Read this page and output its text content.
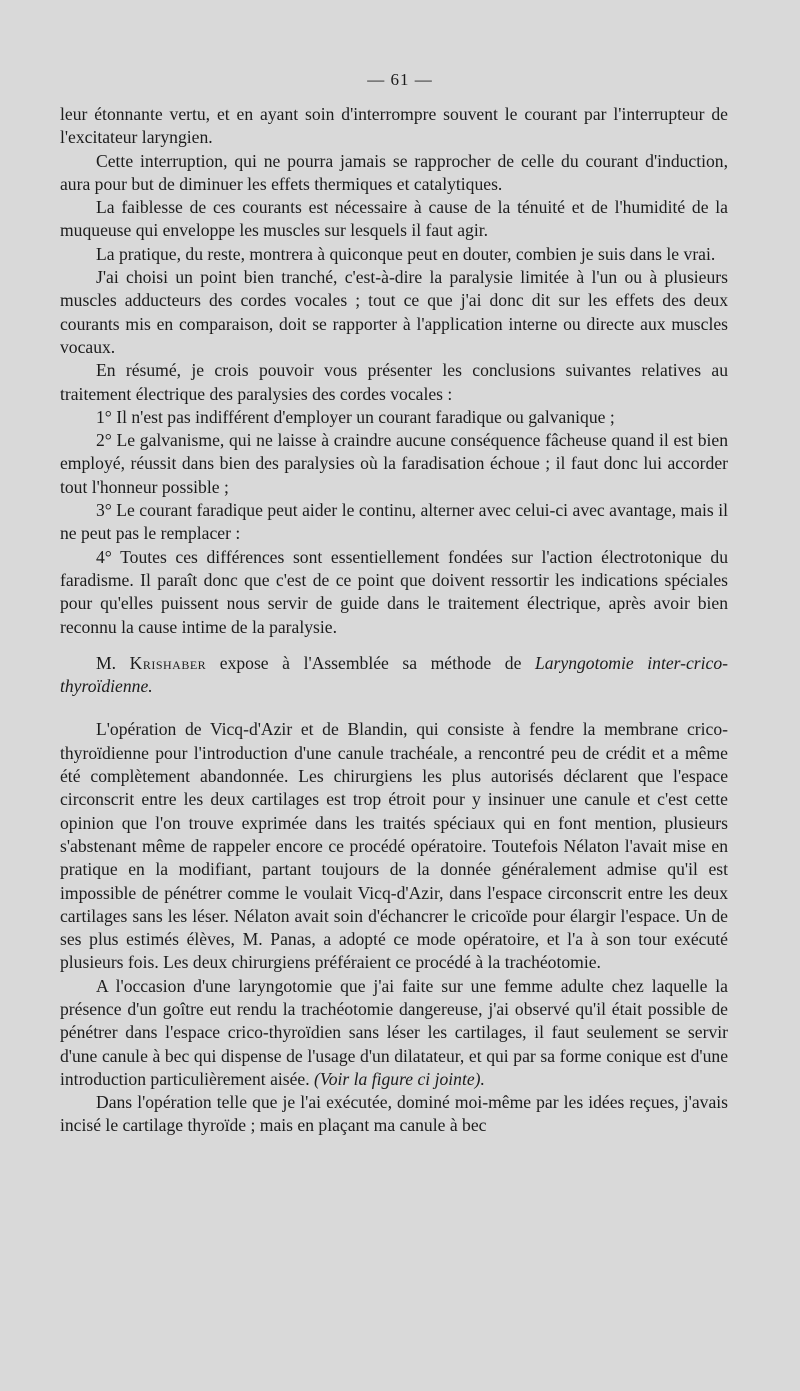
— 61 —

leur étonnante vertu, et en ayant soin d'interrompre souvent le courant par l'interrupteur de l'excitateur laryngien.

Cette interruption, qui ne pourra jamais se rapprocher de celle du courant d'induction, aura pour but de diminuer les effets thermiques et catalytiques.

La faiblesse de ces courants est nécessaire à cause de la ténuité et de l'humidité de la muqueuse qui enveloppe les muscles sur lesquels il faut agir.

La pratique, du reste, montrera à quiconque peut en douter, combien je suis dans le vrai.

J'ai choisi un point bien tranché, c'est-à-dire la paralysie limitée à l'un ou à plusieurs muscles adducteurs des cordes vocales ; tout ce que j'ai donc dit sur les effets des deux courants mis en comparaison, doit se rapporter à l'application interne ou directe aux muscles vocaux.

En résumé, je crois pouvoir vous présenter les conclusions suivantes relatives au traitement électrique des paralysies des cordes vocales :

1° Il n'est pas indifférent d'employer un courant faradique ou galvanique ;

2° Le galvanisme, qui ne laisse à craindre aucune conséquence fâcheuse quand il est bien employé, réussit dans bien des paralysies où la faradisation échoue ; il faut donc lui accorder tout l'honneur possible ;

3° Le courant faradique peut aider le continu, alterner avec celui-ci avec avantage, mais il ne peut pas le remplacer :

4° Toutes ces différences sont essentiellement fondées sur l'action électrotonique du faradisme. Il paraît donc que c'est de ce point que doivent ressortir les indications spéciales pour qu'elles puissent nous servir de guide dans le traitement électrique, après avoir bien reconnu la cause intime de la paralysie.

M. Krishaber expose à l'Assemblée sa méthode de Laryngotomie inter-crico-thyroïdienne.

L'opération de Vicq-d'Azir et de Blandin, qui consiste à fendre la membrane crico-thyroïdienne pour l'introduction d'une canule trachéale, a rencontré peu de crédit et a même été complètement abandonnée. Les chirurgiens les plus autorisés déclarent que l'espace circonscrit entre les deux cartilages est trop étroit pour y insinuer une canule et c'est cette opinion que l'on trouve exprimée dans les traités spéciaux qui en font mention, plusieurs s'abstenant même de rappeler encore ce procédé opératoire. Toutefois Nélaton l'avait mise en pratique en la modifiant, partant toujours de la donnée généralement admise qu'il est impossible de pénétrer comme le voulait Vicq-d'Azir, dans l'espace circonscrit entre les deux cartilages sans les léser. Nélaton avait soin d'échancrer le cricoïde pour élargir l'espace. Un de ses plus estimés élèves, M. Panas, a adopté ce mode opératoire, et l'a à son tour exécuté plusieurs fois. Les deux chirurgiens préféraient ce procédé à la trachéotomie.

A l'occasion d'une laryngotomie que j'ai faite sur une femme adulte chez laquelle la présence d'un goître eut rendu la trachéotomie dangereuse, j'ai observé qu'il était possible de pénétrer dans l'espace crico-thyroïdien sans léser les cartilages, il faut seulement se servir d'une canule à bec qui dispense de l'usage d'un dilatateur, et qui par sa forme conique est d'une introduction particulièrement aisée. (Voir la figure ci jointe).

Dans l'opération telle que je l'ai exécutée, dominé moi-même par les idées reçues, j'avais incisé le cartilage thyroïde ; mais en plaçant ma canule à bec
